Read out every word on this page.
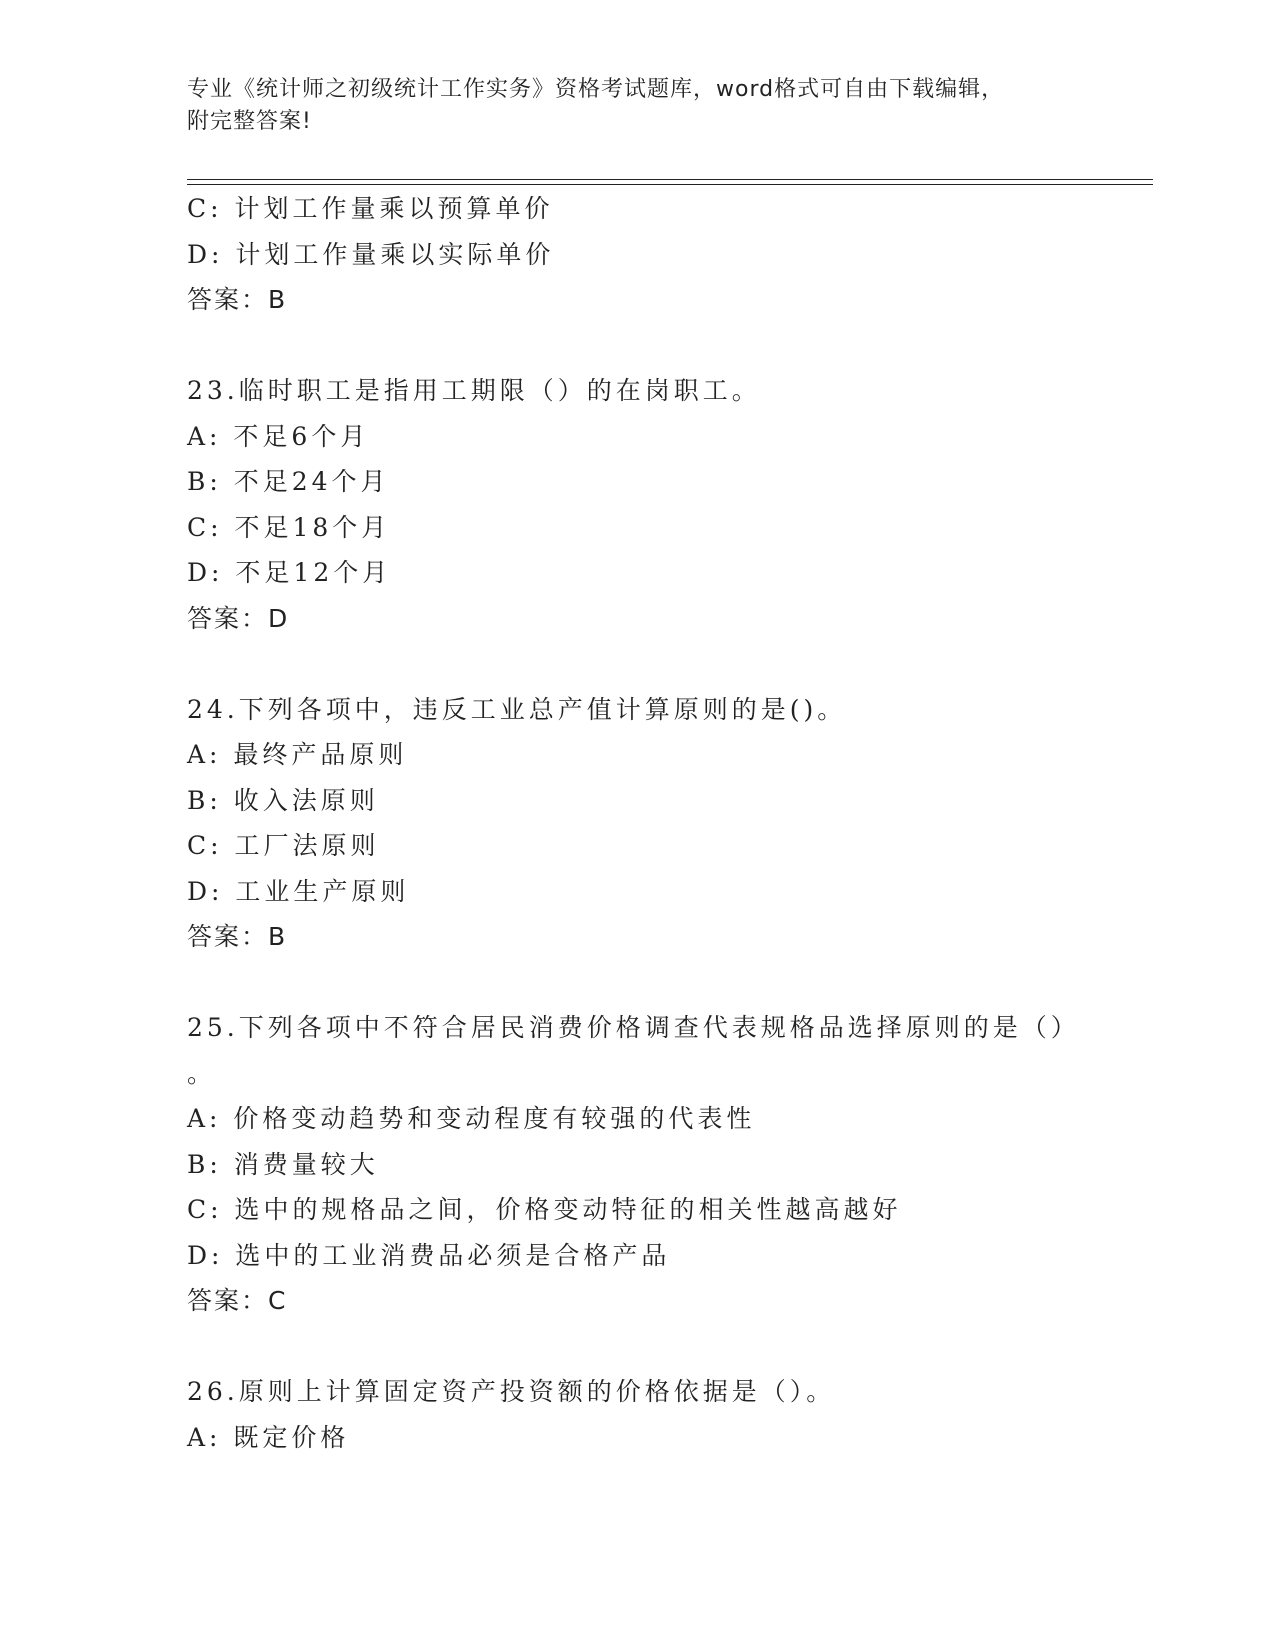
专业《统计师之初级统计工作实务》资格考试题库，word格式可自由下载编辑，
附完整答案!
C: 计划工作量乘以预算单价
D: 计划工作量乘以实际单价
答案：B
23.临时职工是指用工期限（）的在岗职工。
A: 不足6个月
B: 不足24个月
C: 不足18个月
D: 不足12个月
答案：D
24.下列各项中，违反工业总产值计算原则的是()。
A: 最终产品原则
B: 收入法原则
C: 工厂法原则
D: 工业生产原则
答案：B
25.下列各项中不符合居民消费价格调查代表规格品选择原则的是（）
。
A: 价格变动趋势和变动程度有较强的代表性
B: 消费量较大
C: 选中的规格品之间，价格变动特征的相关性越高越好
D: 选中的工业消费品必须是合格产品
答案：C
26.原则上计算固定资产投资额的价格依据是（）。
A: 既定价格
